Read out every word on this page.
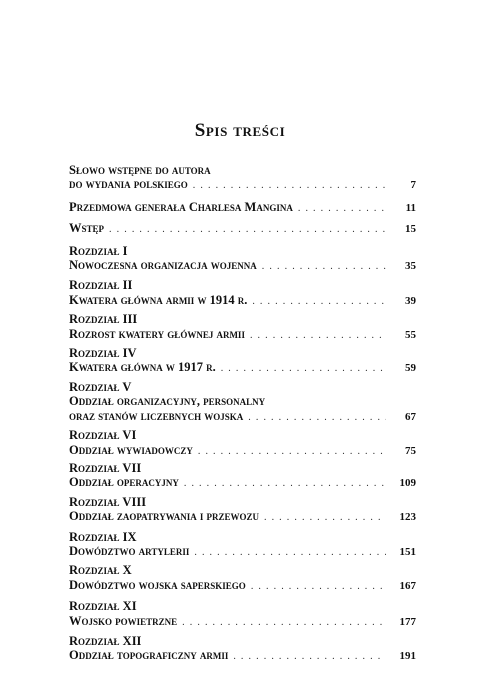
Spis treści
Słowo wstępne do autora
do wydania polskiego . . .	7
Przedmowa generała Charlesa Mangina . . .	11
Wstęp . . .	15
Rozdział I
Nowoczesna organizacja wojenna . . .	35
Rozdział II
Kwatera główna armii w 1914 r. . . .	39
Rozdział III
Rozrost kwatery głównej armii . . .	55
Rozdział IV
Kwatera główna w 1917 r. . . .	59
Rozdział V
Oddział organizacyjny, personalny
oraz stanów liczebnych wojska . . .	67
Rozdział VI
Oddział wywiadowczy . . .	75
Rozdział VII
Oddział operacyjny . . .	109
Rozdział VIII
Oddział zaopatrywania i przewozu . . .	123
Rozdział IX
Dowództwo artylerii . . .	151
Rozdział X
Dowództwo wojska saperskiego . . .	167
Rozdział XI
Wojsko powietrzne . . .	177
Rozdział XII
Oddział topograficzny armii . . .	191
